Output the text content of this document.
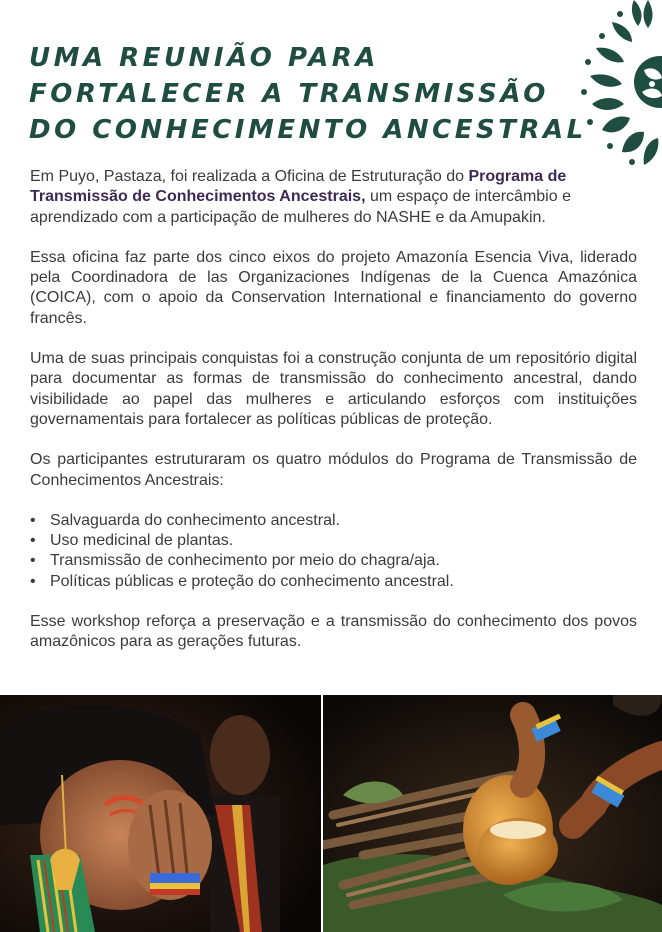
UMA REUNIÃO PARA FORTALECER A TRANSMISSÃO DO CONHECIMENTO ANCESTRAL

Em Puyo, Pastaza, foi realizada a Oficina de Estruturação do Programa de Transmissão de Conhecimentos Ancestrais, um espaço de intercâmbio e aprendizado com a participação de mulheres do NASHE e da Amupakin.

Essa oficina faz parte dos cinco eixos do projeto Amazonía Esencia Viva, liderado pela Coordinadora de las Organizaciones Indígenas de la Cuenca Amazónica (COICA), com o apoio da Conservation International e financiamento do governo francês.

Uma de suas principais conquistas foi a construção conjunta de um repositório digital para documentar as formas de transmissão do conhecimento ancestral, dando visibilidade ao papel das mulheres e articulando esforços com instituições governamentais para fortalecer as políticas públicas de proteção.

Os participantes estruturaram os quatro módulos do Programa de Transmissão de Conhecimentos Ancestrais:

• Salvaguarda do conhecimento ancestral.
• Uso medicinal de plantas.
• Transmissão de conhecimento por meio do chagra/aja.
• Políticas públicas e proteção do conhecimento ancestral.

Esse workshop reforça a preservação e a transmissão do conhecimento dos povos amazônicos para as gerações futuras.
